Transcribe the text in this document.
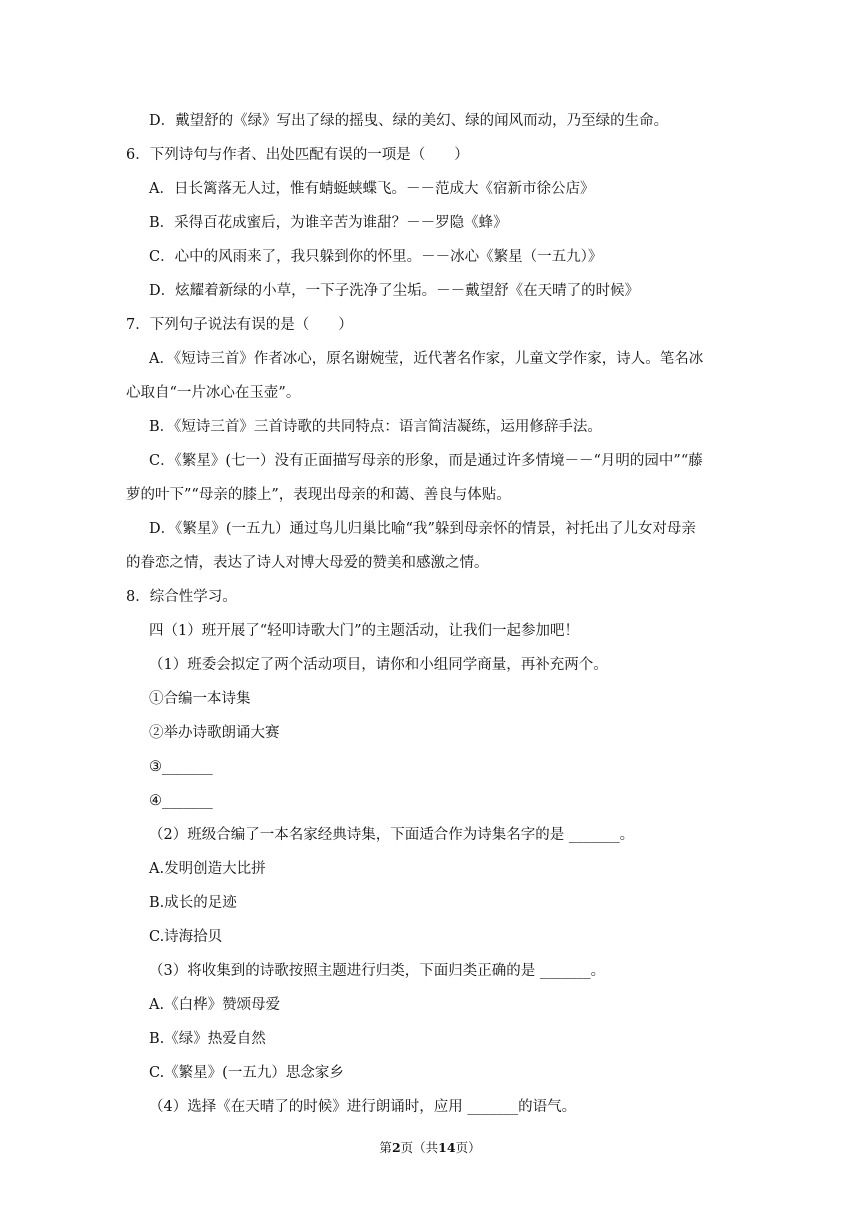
D．戴望舒的《绿》写出了绿的摇曳、绿的美幻、绿的闻风而动，乃至绿的生命。
6．下列诗句与作者、出处匹配有误的一项是（　　）
A．日长篱落无人过，惟有蜻蜓蛱蝶飞。－－范成大《宿新市徐公店》
B．采得百花成蜜后，为谁辛苦为谁甜？－－罗隐《蜂》
C．心中的风雨来了，我只躲到你的怀里。－－冰心《繁星（一五九）》
D．炫耀着新绿的小草，一下子洗净了尘垢。－－戴望舒《在天晴了的时候》
7．下列句子说法有误的是（　　）
A．《短诗三首》作者冰心，原名谢婉莹，近代著名作家，儿童文学作家，诗人。笔名冰
心取自“一片冰心在玉壶”。
B．《短诗三首》三首诗歌的共同特点：语言简洁凝练，运用修辞手法。
C．《繁星》(七一）没有正面描写母亲的形象，而是通过许多情境－－“月明的园中”“藤
萝的叶下”“母亲的膝上”，表现出母亲的和蔼、善良与体贴。
D．《繁星》(一五九）通过鸟儿归巢比喻“我”躲到母亲怀的情景，衬托出了儿女对母亲
的眷恋之情，表达了诗人对博大母爱的赞美和感激之情。
8．综合性学习。
四（1）班开展了“轻叩诗歌大门”的主题活动，让我们一起参加吧！
（1）班委会拟定了两个活动项目，请你和小组同学商量，再补充两个。
①合编一本诗集
②举办诗歌朗诵大赛
③_______
④_______
（2）班级合编了一本名家经典诗集，下面适合作为诗集名字的是 _______。
A.发明创造大比拼
B.成长的足迹
C.诗海拾贝
（3）将收集到的诗歌按照主题进行归类，下面归类正确的是 _______。
A.《白桦》赞颂母爱
B.《绿》热爱自然
C.《繁星》(一五九）思念家乡
（4）选择《在天晴了的时候》进行朗诵时，应用 _______的语气。
第2页（共14页）
